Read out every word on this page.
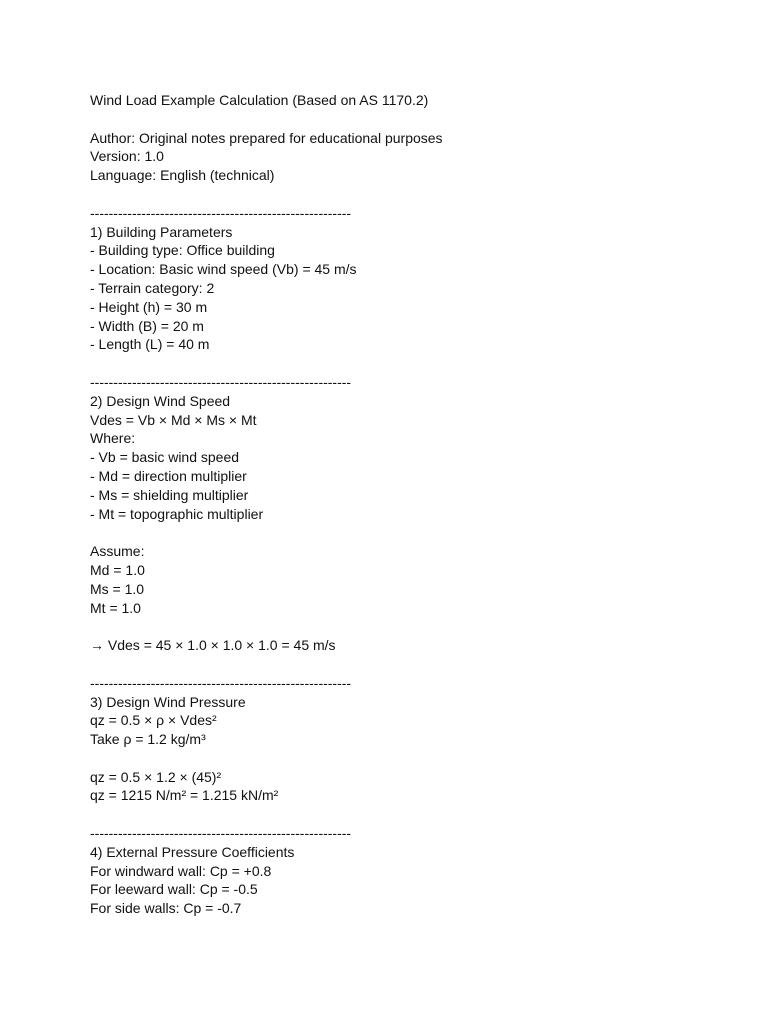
Wind Load Example Calculation (Based on AS 1170.2)
Author: Original notes prepared for educational purposes
Version: 1.0
Language: English (technical)
--------------------------------------------------------
1) Building Parameters
- Building type: Office building
- Location: Basic wind speed (Vb) = 45 m/s
- Terrain category: 2
- Height (h) = 30 m
- Width (B) = 20 m
- Length (L) = 40 m
--------------------------------------------------------
2) Design Wind Speed
Vdes = Vb × Md × Ms × Mt
Where:
- Vb = basic wind speed
- Md = direction multiplier
- Ms = shielding multiplier
- Mt = topographic multiplier
Assume:
Md = 1.0
Ms = 1.0
Mt = 1.0
→ Vdes = 45 × 1.0 × 1.0 × 1.0 = 45 m/s
--------------------------------------------------------
3) Design Wind Pressure
qz = 0.5 × ρ × Vdes²
Take ρ = 1.2 kg/m³
qz = 0.5 × 1.2 × (45)²
qz = 1215 N/m² = 1.215 kN/m²
--------------------------------------------------------
4) External Pressure Coefficients
For windward wall: Cp = +0.8
For leeward wall: Cp = -0.5
For side walls: Cp = -0.7
